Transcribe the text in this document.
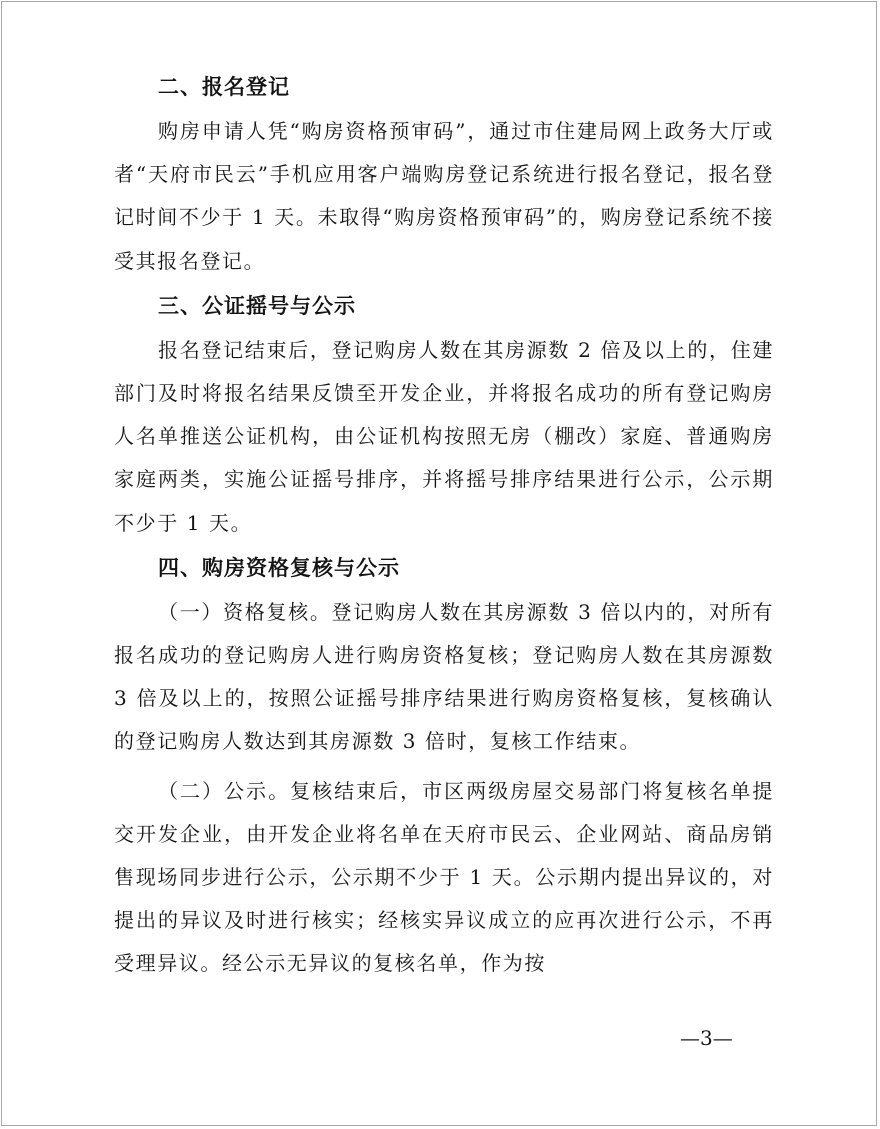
二、报名登记

购房申请人凭“购房资格预审码”，通过市住建局网上政务大厅或者“天府市民云”手机应用客户端购房登记系统进行报名登记，报名登记时间不少于 1 天。未取得“购房资格预审码”的，购房登记系统不接受其报名登记。

三、公证摇号与公示

报名登记结束后，登记购房人数在其房源数 2 倍及以上的，住建部门及时将报名结果反馈至开发企业，并将报名成功的所有登记购房人名单推送公证机构，由公证机构按照无房（棚改）家庭、普通购房家庭两类，实施公证摇号排序，并将摇号排序结果进行公示，公示期不少于 1 天。

四、购房资格复核与公示

（一）资格复核。登记购房人数在其房源数 3 倍以内的，对所有报名成功的登记购房人进行购房资格复核；登记购房人数在其房源数 3 倍及以上的，按照公证摇号排序结果进行购房资格复核，复核确认的登记购房人数达到其房源数 3 倍时，复核工作结束。

（二）公示。复核结束后，市区两级房屋交易部门将复核名单提交开发企业，由开发企业将名单在天府市民云、企业网站、商品房销售现场同步进行公示，公示期不少于 1 天。公示期内提出异议的，对提出的异议及时进行核实；经核实异议成立的应再次进行公示，不再受理异议。经公示无异议的复核名单，作为按

—3—
